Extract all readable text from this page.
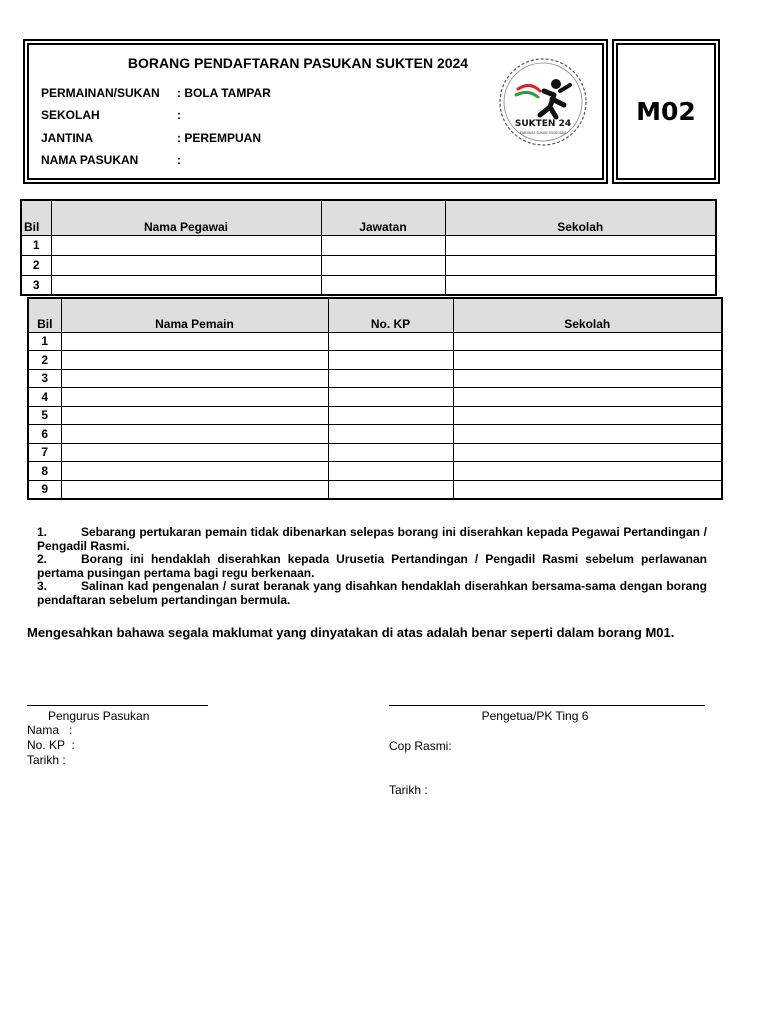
BORANG PENDAFTARAN PASUKAN SUKTEN 2024
PERMAINAN/SUKAN	: BOLA TAMPAR
SEKOLAH	:
JANTINA	: PEREMPUAN
NAMA PASUKAN	:
SUKTEN 24
KARNIVAL SUKAN TENGGARA
M02
Bil	Nama Pegawai	Jawatan	Sekolah
1			
2			
3			
Bil	Nama Pemain	No. KP	Sekolah
1			
2			
3			
4			
5			
6			
7			
8			
9			

1.	Sebarang pertukaran pemain tidak dibenarkan selepas borang ini diserahkan kepada Pegawai Pertandingan / Pengadil Rasmi.

2.	Borang ini hendaklah diserahkan kepada Urusetia Pertandingan / Pengadil Rasmi sebelum perlawanan pertama pusingan pertama bagi regu berkenaan.

3.	Salinan kad pengenalan / surat beranak yang disahkan hendaklah diserahkan bersama-sama dengan borang pendaftaran sebelum pertandingan bermula.

Mengesahkan bahawa segala maklumat yang dinyatakan di atas adalah benar seperti dalam borang M01.
Pengurus Pasukan
Nama   :
No. KP  :
Tarikh :
Pengetua/PK Ting 6
Cop Rasmi:
Tarikh :
